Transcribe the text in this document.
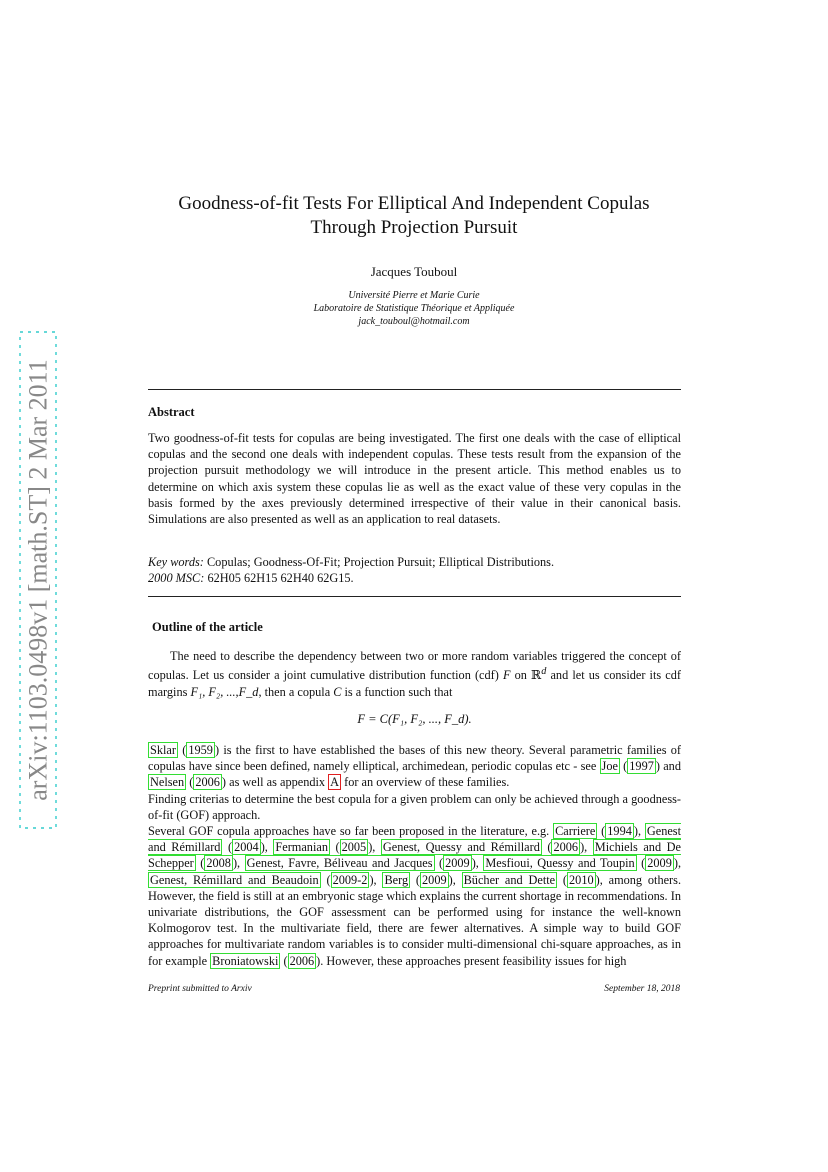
arXiv:1103.0498v1 [math.ST] 2 Mar 2011
Goodness-of-fit Tests For Elliptical And Independent Copulas
Through Projection Pursuit
Jacques Touboul
Université Pierre et Marie Curie
Laboratoire de Statistique Théorique et Appliquée
jack_touboul@hotmail.com
Abstract
Two goodness-of-fit tests for copulas are being investigated. The first one deals with the case of elliptical copulas and the second one deals with independent copulas. These tests result from the expansion of the projection pursuit methodology we will introduce in the present article. This method enables us to determine on which axis system these copulas lie as well as the exact value of these very copulas in the basis formed by the axes previously determined irrespective of their value in their canonical basis. Simulations are also presented as well as an application to real datasets.
Key words: Copulas; Goodness-Of-Fit; Projection Pursuit; Elliptical Distributions.
2000 MSC: 62H05 62H15 62H40 62G15.
Outline of the article
The need to describe the dependency between two or more random variables triggered the concept of copulas. Let us consider a joint cumulative distribution function (cdf) F on ℝ$^d$ and let us consider its cdf margins F₁, F₂, ...,F_d, then a copula C is a function such that
F = C(F₁, F₂, ..., F_d).

Sklar ( 1959 ) is the first to have established the bases of this new theory. Several parametric families of copulas have since been defined, namely elliptical, archimedean, periodic copulas etc - see Joe ( 1997 ) and Nelsen ( 2006 ) as well as appendix A for an overview of these families.

Finding criterias to determine the best copula for a given problem can only be achieved through a goodness-of-fit (GOF) approach.

Several GOF copula approaches have so far been proposed in the literature, e.g. Carriere ( 1994 ), Genest and Rémillard ( 2004 ), Fermanian ( 2005 ), Genest, Quessy and Rémillard ( 2006 ), Michiels and De Schepper ( 2008 ), Genest, Favre, Béliveau and Jacques ( 2009 ), Mesfioui, Quessy and Toupin ( 2009 ), Genest, Rémillard and Beaudoin ( 2009-2 ), Berg ( 2009 ), Bücher and Dette ( 2010 ), among others. However, the field is still at an embryonic stage which explains the current shortage in recommendations. In univariate distributions, the GOF assessment can be performed using for instance the well-known Kolmogorov test. In the multivariate field, there are fewer alternatives. A simple way to build GOF approaches for multivariate random variables is to consider multi-dimensional chi-square approaches, as in for example Broniatowski ( 2006 ). However, these approaches present feasibility issues for high

Preprint submitted to Arxiv	September 18, 2018
